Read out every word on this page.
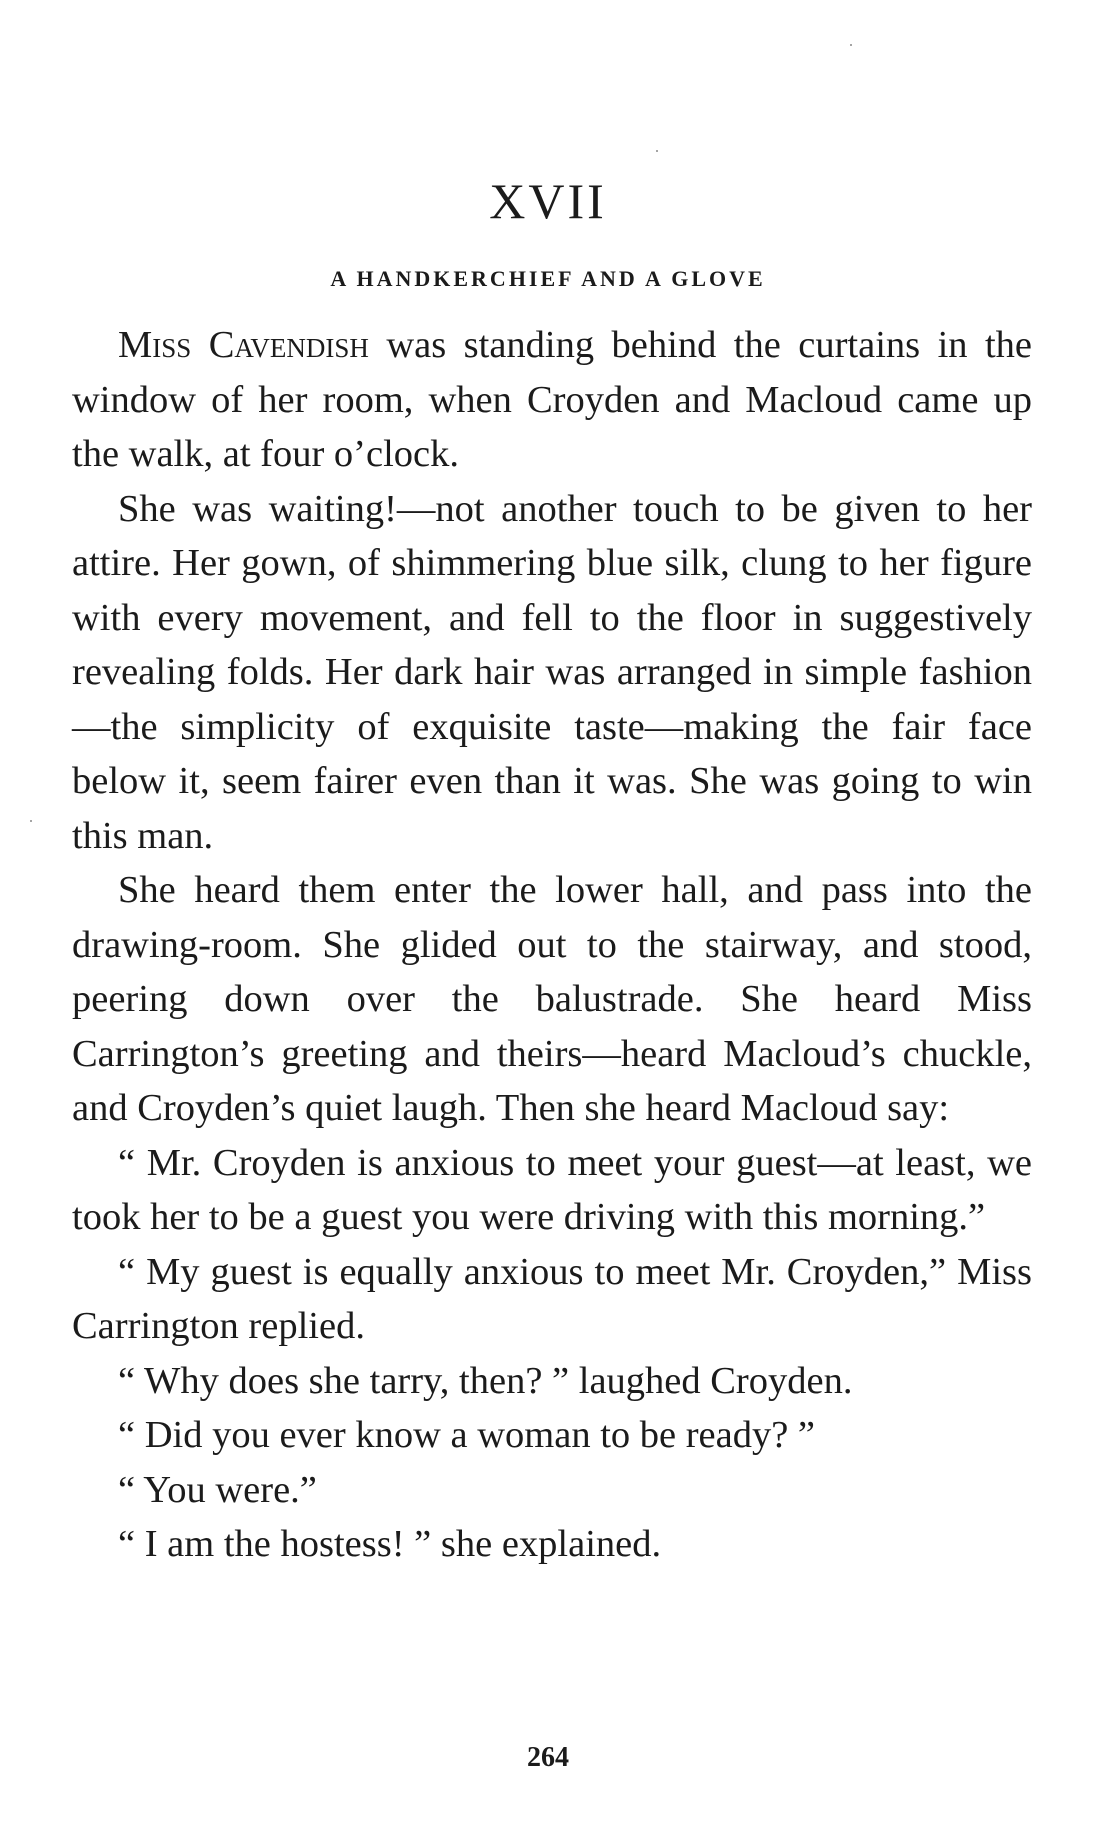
XVII
A HANDKERCHIEF AND A GLOVE

Miss Cavendish was standing behind the curtains in the window of her room, when Croyden and Macloud came up the walk, at four o’clock.

She was waiting!—not another touch to be given to her attire. Her gown, of shimmering blue silk, clung to her figure with every movement, and fell to the floor in suggestively revealing folds. Her dark hair was arranged in simple fashion—the simplicity of exquisite taste—making the fair face below it, seem fairer even than it was. She was going to win this man.

She heard them enter the lower hall, and pass into the drawing-room. She glided out to the stairway, and stood, peering down over the balustrade. She heard Miss Carrington’s greeting and theirs—heard Macloud’s chuckle, and Croyden’s quiet laugh. Then she heard Macloud say:

“ Mr. Croyden is anxious to meet your guest—at least, we took her to be a guest you were driving with this morning.”

“ My guest is equally anxious to meet Mr. Croyden,” Miss Carrington replied.

“ Why does she tarry, then? ” laughed Croyden.

“ Did you ever know a woman to be ready? ”

“ You were.”

“ I am the hostess! ” she explained.

264
